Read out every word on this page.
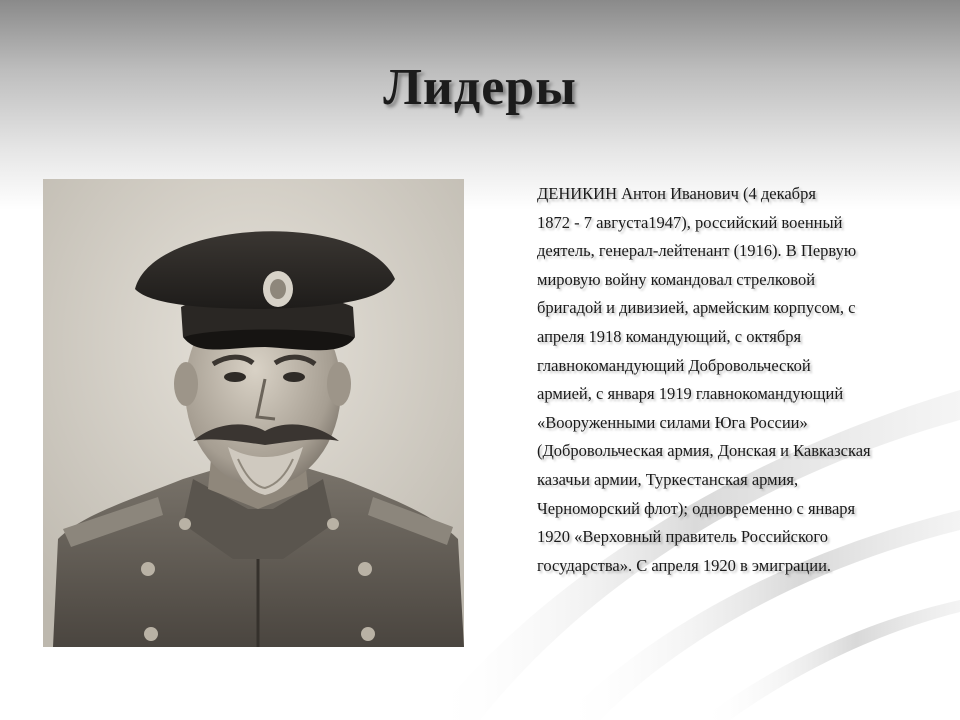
Лидеры

ДЕНИКИН Антон Иванович (4 декабря
1872 - 7 августа1947), российский военный
деятель, генерал-лейтенант (1916). В Первую
мировую войну командовал стрелковой
бригадой и дивизией, армейским корпусом, с
апреля 1918 командующий, с октября
главнокомандующий Добровольческой
армией, с января 1919 главнокомандующий
«Вооруженными силами Юга России»
(Добровольческая армия, Донская и Кавказская
казачьи армии, Туркестанская армия,
Черноморский флот); одновременно с января
1920 «Верховный правитель Российского
государства». С апреля 1920 в эмиграции.
